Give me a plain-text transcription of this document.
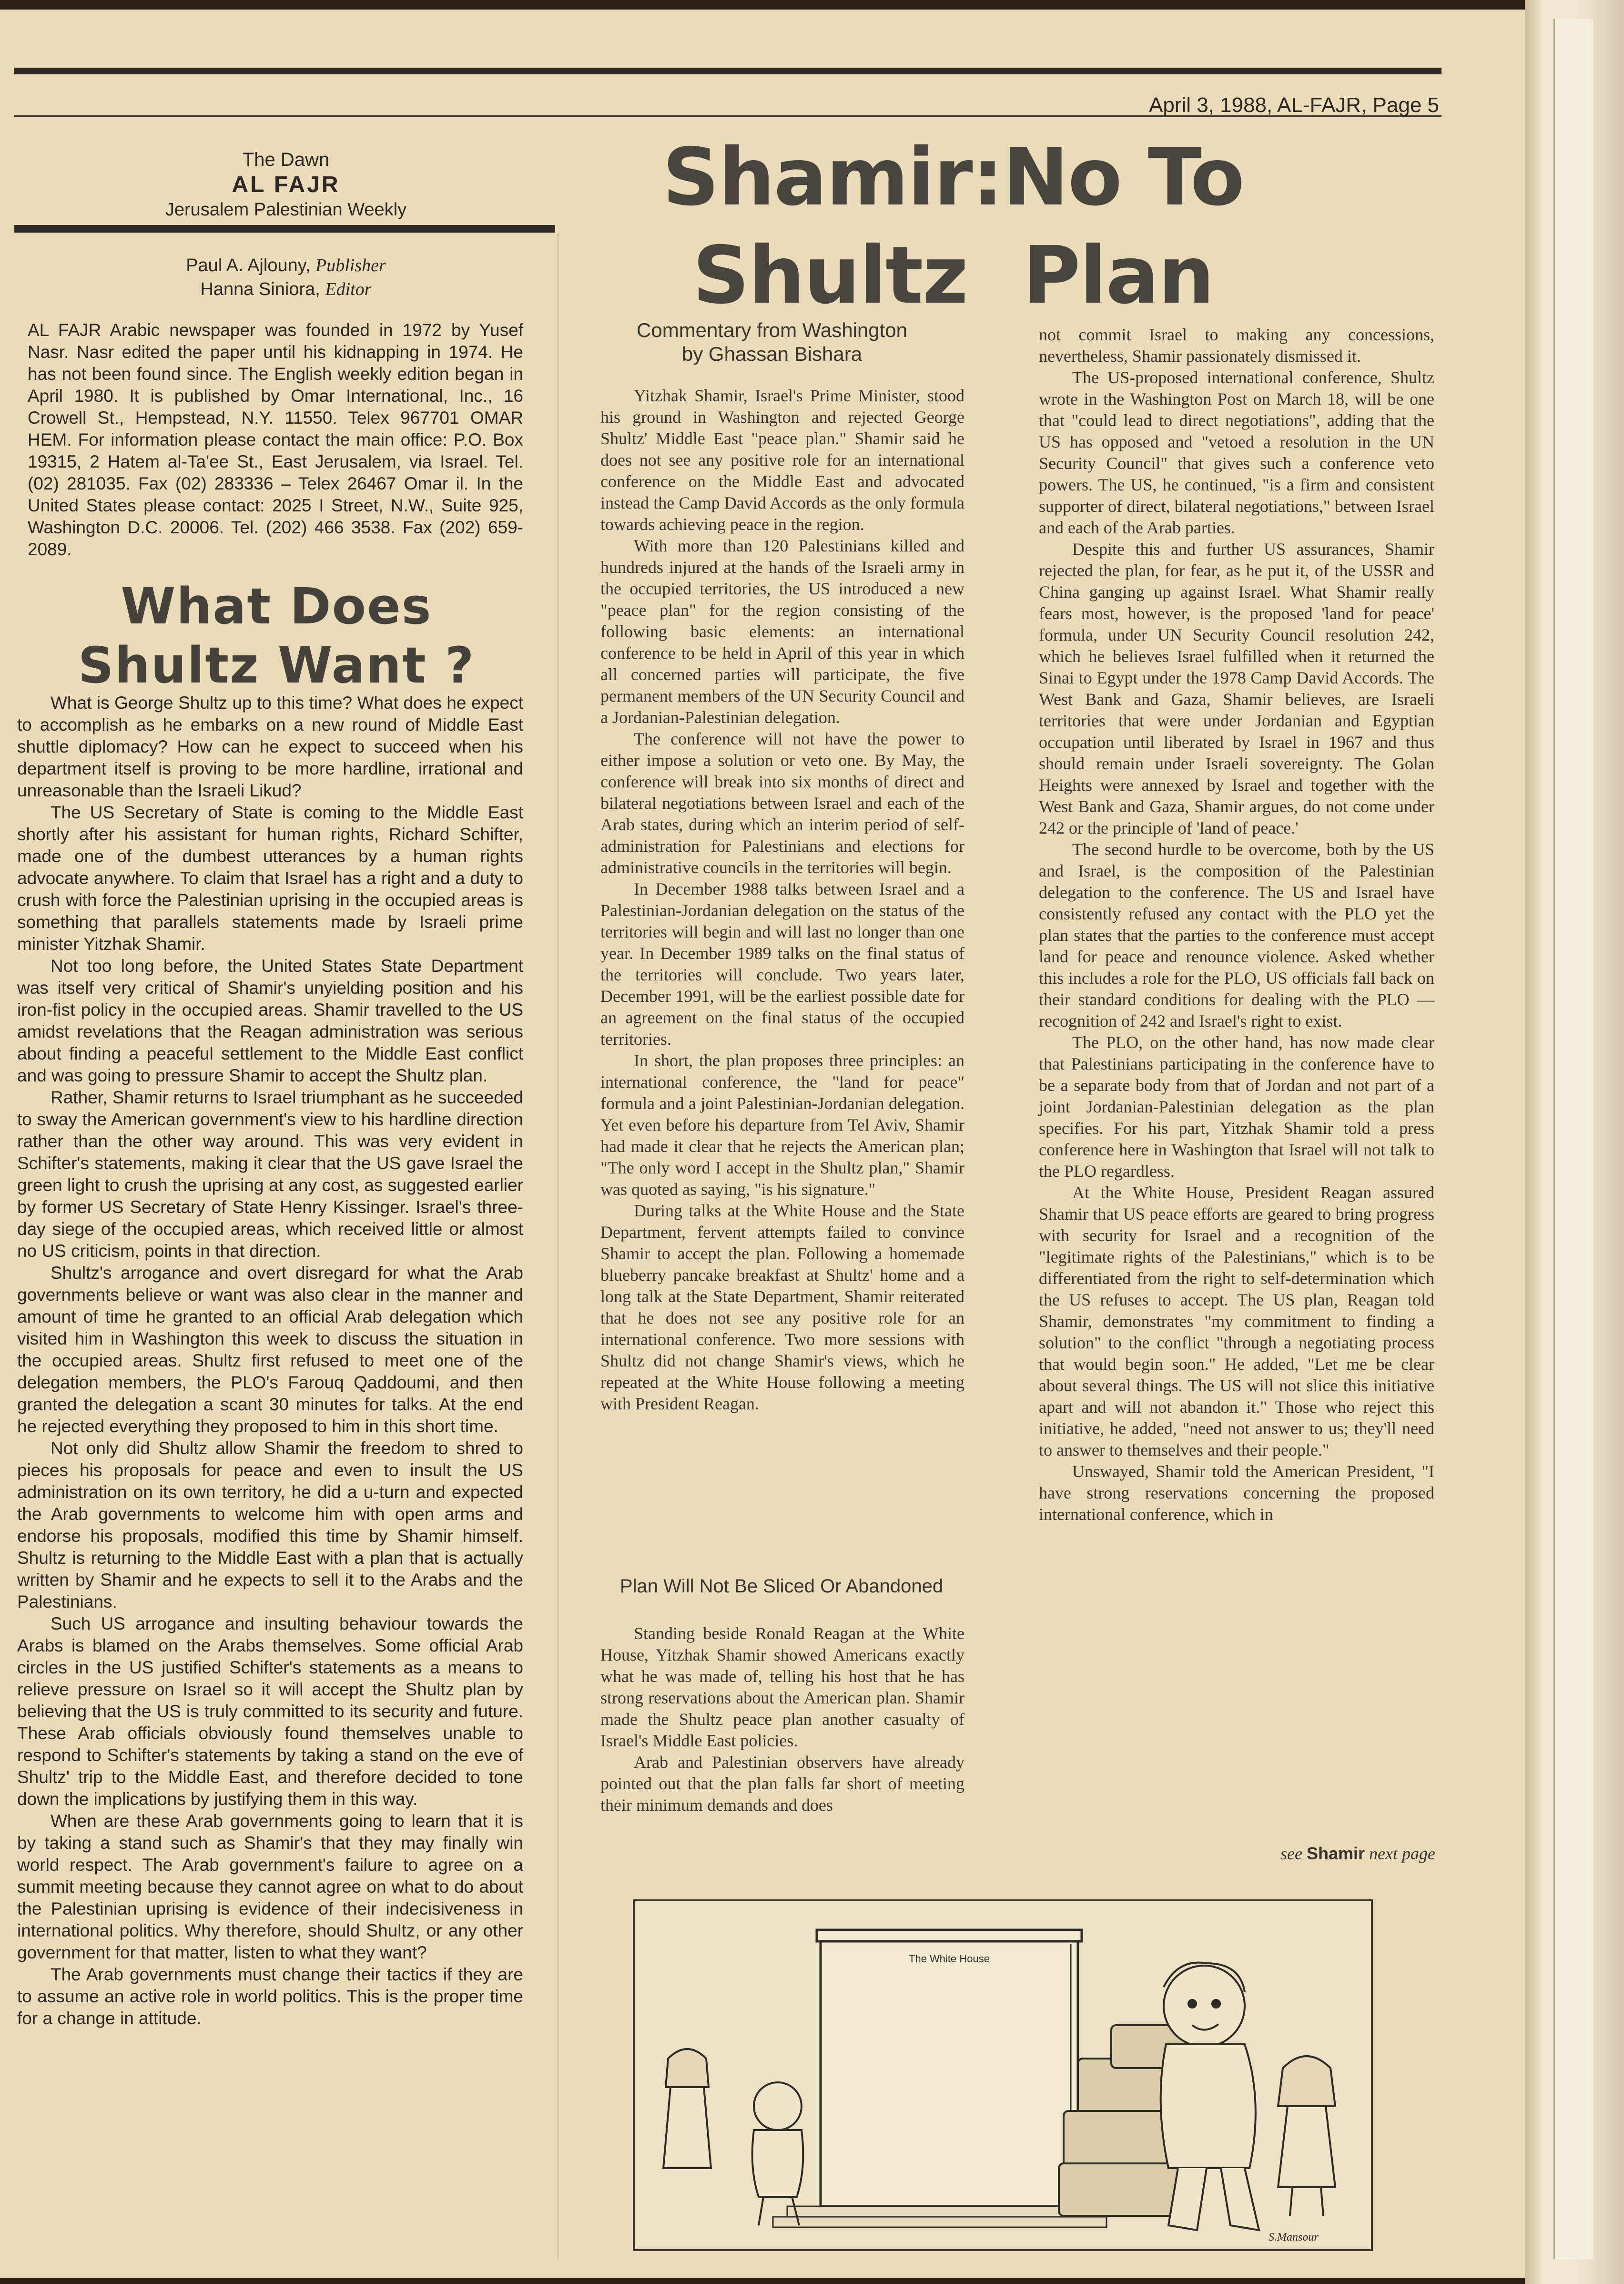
April 3, 1988, AL-FAJR, Page 5
The Dawn
AL FAJR
Jerusalem Palestinian Weekly
Paul A. Ajlouny, Publisher
Hanna Siniora, Editor
AL FAJR Arabic newspaper was founded in 1972 by Yusef Nasr. Nasr edited the paper until his kidnapping in 1974. He has not been found since. The English weekly edition began in April 1980. It is published by Omar International, Inc., 16 Crowell St., Hempstead, N.Y. 11550. Telex 967701 OMAR HEM. For information please contact the main office: P.O. Box 19315, 2 Hatem al-Ta'ee St., East Jerusalem, via Israel. Tel. (02) 281035. Fax (02) 283336 – Telex 26467 Omar il. In the United States please contact: 2025 I Street, N.W., Suite 925, Washington D.C. 20006. Tel. (202) 466 3538. Fax (202) 659-2089.
What Does
Shultz Want ?

What is George Shultz up to this time? What does he expect to accomplish as he embarks on a new round of Middle East shuttle diplomacy? How can he expect to succeed when his department itself is proving to be more hardline, irrational and unreasonable than the Israeli Likud?

The US Secretary of State is coming to the Middle East shortly after his assistant for human rights, Richard Schifter, made one of the dumbest utterances by a human rights advocate anywhere. To claim that Israel has a right and a duty to crush with force the Palestinian uprising in the occupied areas is something that parallels statements made by Israeli prime minister Yitzhak Shamir.

Not too long before, the United States State Department was itself very critical of Shamir's unyielding position and his iron-fist policy in the occupied areas. Shamir travelled to the US amidst revelations that the Reagan administration was serious about finding a peaceful settlement to the Middle East conflict and was going to pressure Shamir to accept the Shultz plan.

Rather, Shamir returns to Israel triumphant as he succeeded to sway the American government's view to his hardline direction rather than the other way around. This was very evident in Schifter's statements, making it clear that the US gave Israel the green light to crush the uprising at any cost, as suggested earlier by former US Secretary of State Henry Kissinger. Israel's three-day siege of the occupied areas, which received little or almost no US criticism, points in that direction.

Shultz's arrogance and overt disregard for what the Arab governments believe or want was also clear in the manner and amount of time he granted to an official Arab delegation which visited him in Washington this week to discuss the situation in the occupied areas. Shultz first refused to meet one of the delegation members, the PLO's Farouq Qaddoumi, and then granted the delegation a scant 30 minutes for talks. At the end he rejected everything they proposed to him in this short time.

Not only did Shultz allow Shamir the freedom to shred to pieces his proposals for peace and even to insult the US administration on its own territory, he did a u-turn and expected the Arab governments to welcome him with open arms and endorse his proposals, modified this time by Shamir himself. Shultz is returning to the Middle East with a plan that is actually written by Shamir and he expects to sell it to the Arabs and the Palestinians.

Such US arrogance and insulting behaviour towards the Arabs is blamed on the Arabs themselves. Some official Arab circles in the US justified Schifter's statements as a means to relieve pressure on Israel so it will accept the Shultz plan by believing that the US is truly committed to its security and future. These Arab officials obviously found themselves unable to respond to Schifter's statements by taking a stand on the eve of Shultz' trip to the Middle East, and therefore decided to tone down the implications by justifying them in this way.

When are these Arab governments going to learn that it is by taking a stand such as Shamir's that they may finally win world respect. The Arab government's failure to agree on a summit meeting because they cannot agree on what to do about the Palestinian uprising is evidence of their indecisiveness in international politics. Why therefore, should Shultz, or any other government for that matter, listen to what they want?

The Arab governments must change their tactics if they are to assume an active role in world politics. This is the proper time for a change in attitude.

Shamir:No To
Shultz Plan
Commentary from Washington
by Ghassan Bishara

Yitzhak Shamir, Israel's Prime Minister, stood his ground in Washington and rejected George Shultz' Middle East "peace plan." Shamir said he does not see any positive role for an international conference on the Middle East and advocated instead the Camp David Accords as the only formula towards achieving peace in the region.

With more than 120 Palestinians killed and hundreds injured at the hands of the Israeli army in the occupied territories, the US introduced a new "peace plan" for the region consisting of the following basic elements: an international conference to be held in April of this year in which all concerned parties will participate, the five permanent members of the UN Security Council and a Jordanian-Palestinian delegation.

The conference will not have the power to either impose a solution or veto one. By May, the conference will break into six months of direct and bilateral negotiations between Israel and each of the Arab states, during which an interim period of self-administration for Palestinians and elections for administrative councils in the territories will begin.

In December 1988 talks between Israel and a Palestinian-Jordanian delegation on the status of the territories will begin and will last no longer than one year. In December 1989 talks on the final status of the territories will conclude. Two years later, December 1991, will be the earliest possible date for an agreement on the final status of the occupied territories.

In short, the plan proposes three principles: an international conference, the "land for peace" formula and a joint Palestinian-Jordanian delegation. Yet even before his departure from Tel Aviv, Shamir had made it clear that he rejects the American plan; "The only word I accept in the Shultz plan," Shamir was quoted as saying, "is his signature."

During talks at the White House and the State Department, fervent attempts failed to convince Shamir to accept the plan. Following a homemade blueberry pancake breakfast at Shultz' home and a long talk at the State Department, Shamir reiterated that he does not see any positive role for an international conference. Two more sessions with Shultz did not change Shamir's views, which he repeated at the White House following a meeting with President Reagan.

Plan Will Not Be Sliced Or Abandoned

Standing beside Ronald Reagan at the White House, Yitzhak Shamir showed Americans exactly what he was made of, telling his host that he has strong reservations about the American plan. Shamir made the Shultz peace plan another casualty of Israel's Middle East policies.

Arab and Palestinian observers have already pointed out that the plan falls far short of meeting their minimum demands and does

not commit Israel to making any concessions, nevertheless, Shamir passionately dismissed it.

The US-proposed international conference, Shultz wrote in the Washington Post on March 18, will be one that "could lead to direct negotiations", adding that the US has opposed and "vetoed a resolution in the UN Security Council" that gives such a conference veto powers. The US, he continued, "is a firm and consistent supporter of direct, bilateral negotiations," between Israel and each of the Arab parties.

Despite this and further US assurances, Shamir rejected the plan, for fear, as he put it, of the USSR and China ganging up against Israel. What Shamir really fears most, however, is the proposed 'land for peace' formula, under UN Security Council resolution 242, which he believes Israel fulfilled when it returned the Sinai to Egypt under the 1978 Camp David Accords. The West Bank and Gaza, Shamir believes, are Israeli territories that were under Jordanian and Egyptian occupation until liberated by Israel in 1967 and thus should remain under Israeli sovereignty. The Golan Heights were annexed by Israel and together with the West Bank and Gaza, Shamir argues, do not come under 242 or the principle of 'land of peace.'

The second hurdle to be overcome, both by the US and Israel, is the composition of the Palestinian delegation to the conference. The US and Israel have consistently refused any contact with the PLO yet the plan states that the parties to the conference must accept land for peace and renounce violence. Asked whether this includes a role for the PLO, US officials fall back on their standard conditions for dealing with the PLO — recognition of 242 and Israel's right to exist.

The PLO, on the other hand, has now made clear that Palestinians participating in the conference have to be a separate body from that of Jordan and not part of a joint Jordanian-Palestinian delegation as the plan specifies. For his part, Yitzhak Shamir told a press conference here in Washington that Israel will not talk to the PLO regardless.

At the White House, President Reagan assured Shamir that US peace efforts are geared to bring progress with security for Israel and a recognition of the "legitimate rights of the Palestinians," which is to be differentiated from the right to self-determination which the US refuses to accept. The US plan, Reagan told Shamir, demonstrates "my commitment to finding a solution" to the conflict "through a negotiating process that would begin soon." He added, "Let me be clear about several things. The US will not slice this initiative apart and will not abandon it." Those who reject this initiative, he added, "need not answer to us; they'll need to answer to themselves and their people."

Unswayed, Shamir told the American President, "I have strong reservations concerning the proposed international conference, which in

see Shamir next page
The White House
S.Mansour
